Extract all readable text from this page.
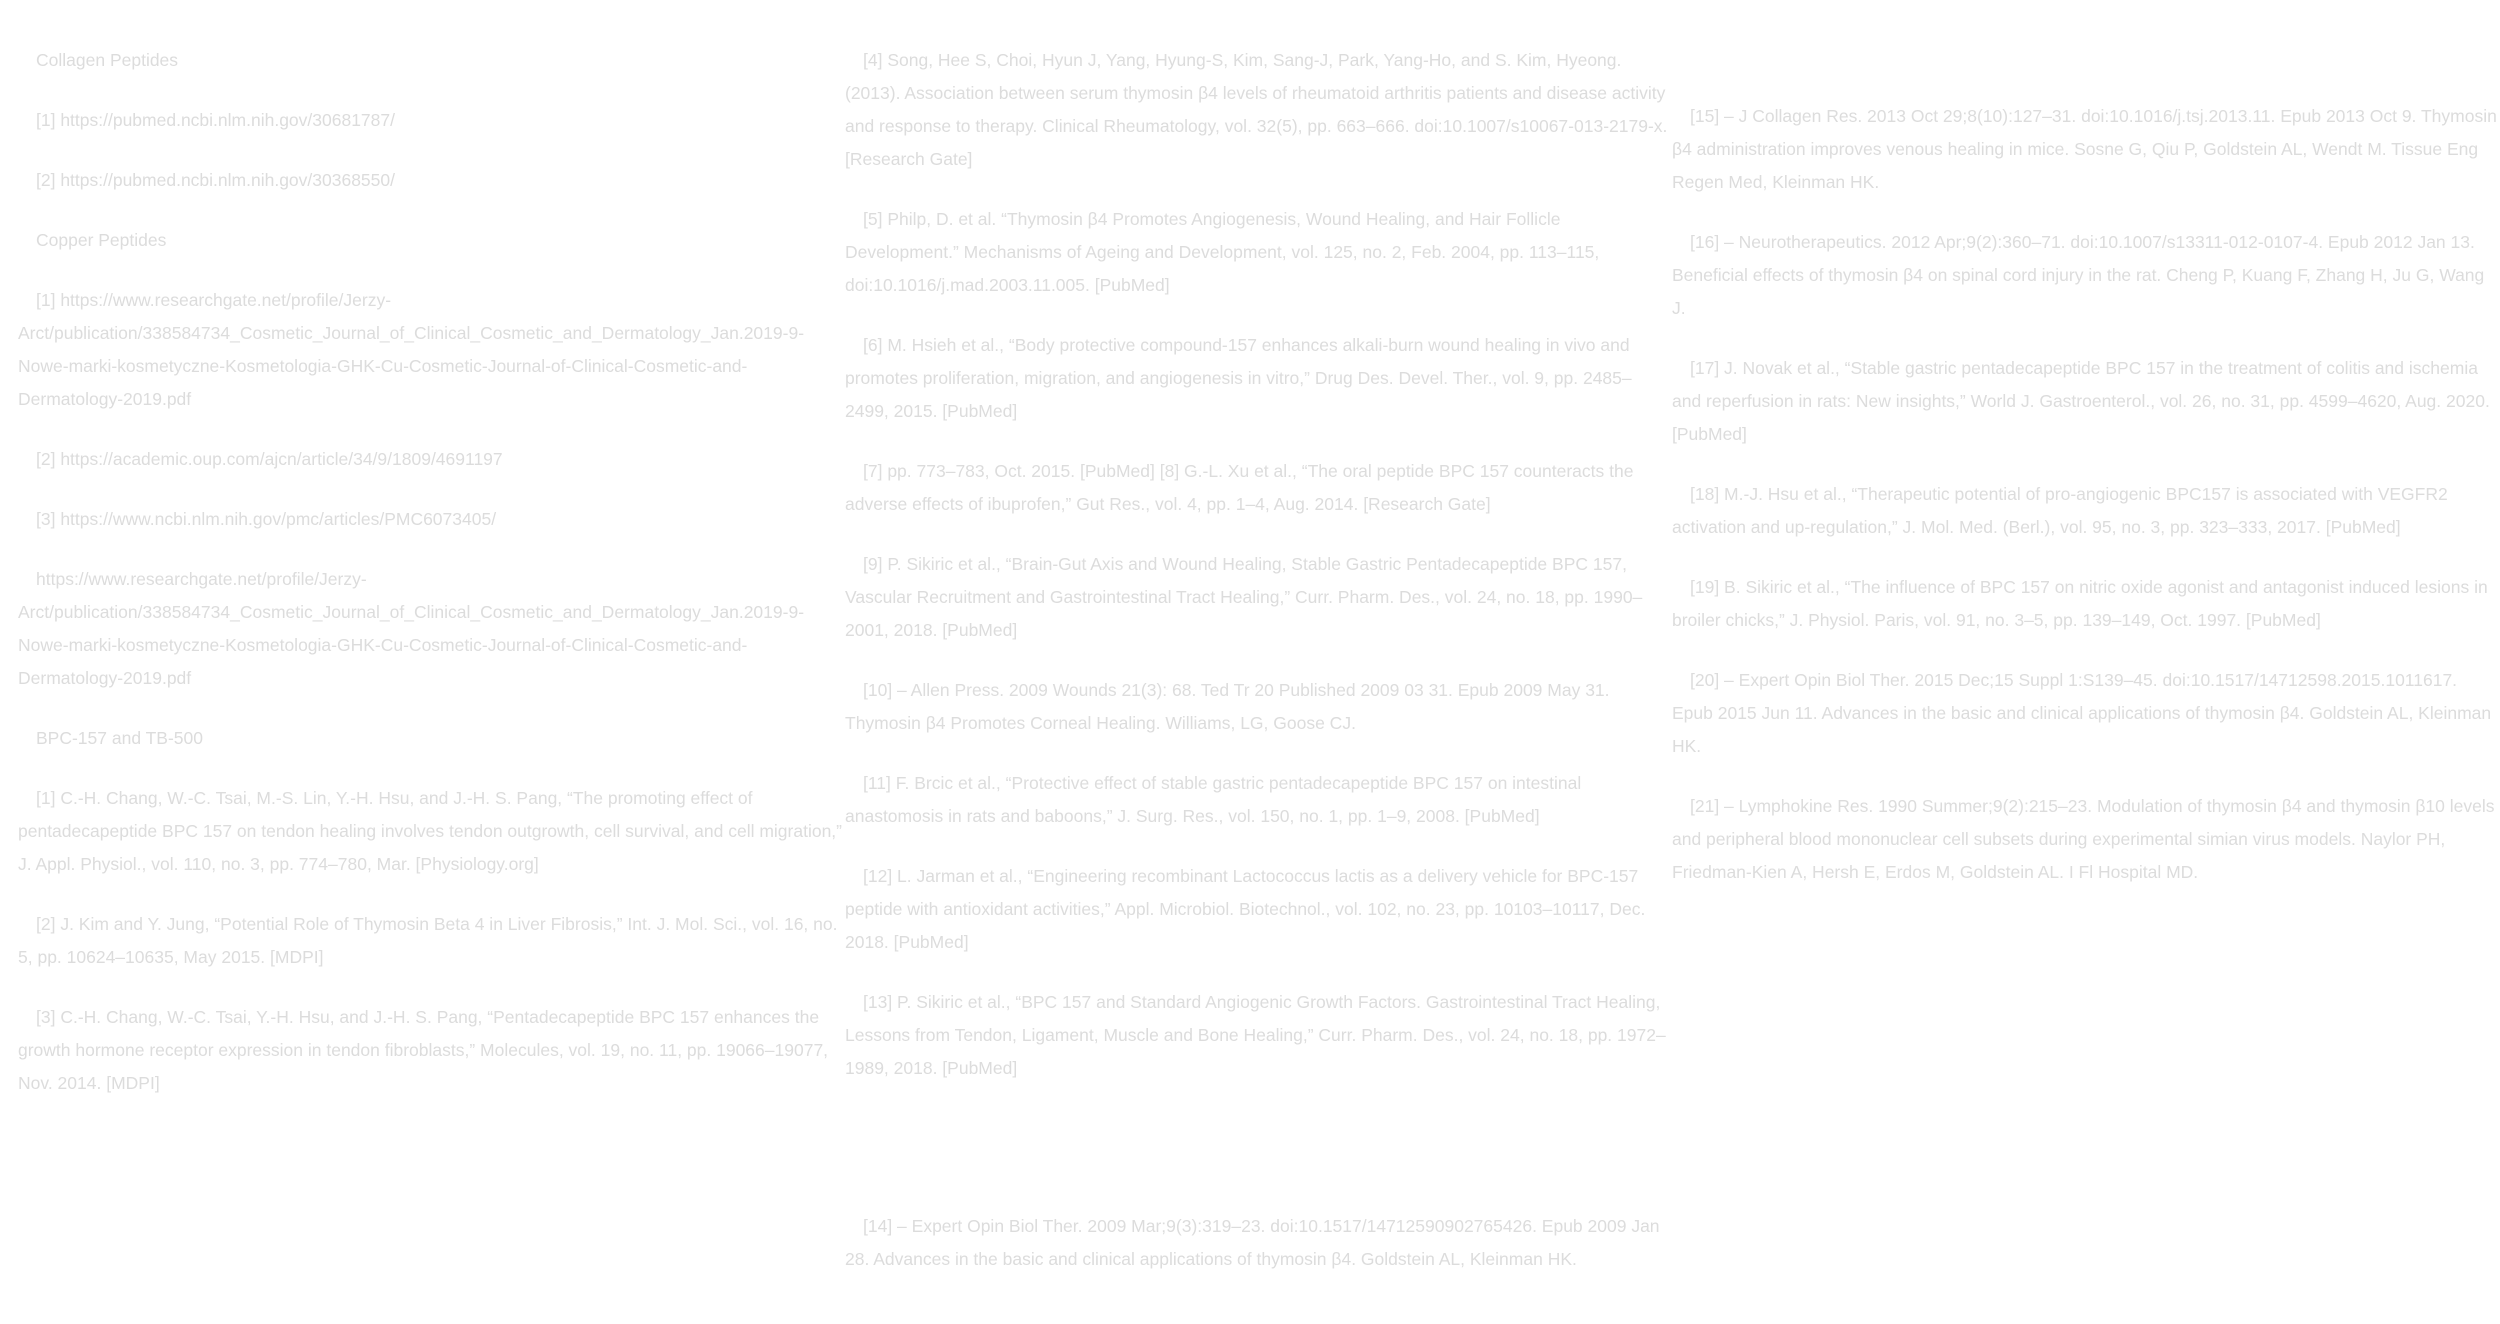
Collagen Peptides

[1] https://pubmed.ncbi.nlm.nih.gov/30681787/

[2] https://pubmed.ncbi.nlm.nih.gov/30368550/

Copper Peptides

[1] https://www.researchgate.net/profile/Jerzy-Arct/publication/338584734_Cosmetic_Journal_of_Clinical_Cosmetic_and_Dermatology_Jan.2019-9-Nowe-marki-kosmetyczne-Kosmetologia-GHK-Cu-Cosmetic-Journal-of-Clinical-Cosmetic-and-Dermatology-2019.pdf

[2] https://academic.oup.com/ajcn/article/34/9/1809/4691197

[3] https://www.ncbi.nlm.nih.gov/pmc/articles/PMC6073405/

https://www.researchgate.net/profile/Jerzy-Arct/publication/338584734_Cosmetic_Journal_of_Clinical_Cosmetic_and_Dermatology_Jan.2019-9-Nowe-marki-kosmetyczne-Kosmetologia-GHK-Cu-Cosmetic-Journal-of-Clinical-Cosmetic-and-Dermatology-2019.pdf

BPC-157 and TB-500

[1] C.-H. Chang, W.-C. Tsai, M.-S. Lin, Y.-H. Hsu, and J.-H. S. Pang, “The promoting effect of pentadecapeptide BPC 157 on tendon healing involves tendon outgrowth, cell survival, and cell migration,” J. Appl. Physiol., vol. 110, no. 3, pp. 774–780, Mar. [Physiology.org]

[2] J. Kim and Y. Jung, “Potential Role of Thymosin Beta 4 in Liver Fibrosis,” Int. J. Mol. Sci., vol. 16, no. 5, pp. 10624–10635, May 2015. [MDPI]

[3] C.-H. Chang, W.-C. Tsai, Y.-H. Hsu, and J.-H. S. Pang, “Pentadecapeptide BPC 157 enhances the growth hormone receptor expression in tendon fibroblasts,” Molecules, vol. 19, no. 11, pp. 19066–19077, Nov. 2014. [MDPI]

[4] Song, Hee S, Choi, Hyun J, Yang, Hyung-S, Kim, Sang-J, Park, Yang-Ho, and S. Kim, Hyeong. (2013). Association between serum thymosin β4 levels of rheumatoid arthritis patients and disease activity and response to therapy. Clinical Rheumatology, vol. 32(5), pp. 663–666. doi:10.1007/s10067-013-2179-x. [Research Gate]

[5] Philp, D. et al. “Thymosin β4 Promotes Angiogenesis, Wound Healing, and Hair Follicle Development.” Mechanisms of Ageing and Development, vol. 125, no. 2, Feb. 2004, pp. 113–115, doi:10.1016/j.mad.2003.11.005. [PubMed]

[6] M. Hsieh et al., “Body protective compound-157 enhances alkali-burn wound healing in vivo and promotes proliferation, migration, and angiogenesis in vitro,” Drug Des. Devel. Ther., vol. 9, pp. 2485–2499, 2015. [PubMed]

[7] pp. 773–783, Oct. 2015. [PubMed] [8] G.-L. Xu et al., “The oral peptide BPC 157 counteracts the adverse effects of ibuprofen,” Gut Res., vol. 4, pp. 1–4, Aug. 2014. [Research Gate]

[9] P. Sikiric et al., “Brain-Gut Axis and Wound Healing, Stable Gastric Pentadecapeptide BPC 157, Vascular Recruitment and Gastrointestinal Tract Healing,” Curr. Pharm. Des., vol. 24, no. 18, pp. 1990–2001, 2018. [PubMed]

[10] – Allen Press. 2009 Wounds 21(3): 68. Ted Tr 20 Published 2009 03 31. Epub 2009 May 31. Thymosin β4 Promotes Corneal Healing. Williams, LG, Goose CJ.

[11] F. Brcic et al., “Protective effect of stable gastric pentadecapeptide BPC 157 on intestinal anastomosis in rats and baboons,” J. Surg. Res., vol. 150, no. 1, pp. 1–9, 2008. [PubMed]

[12] L. Jarman et al., “Engineering recombinant Lactococcus lactis as a delivery vehicle for BPC-157 peptide with antioxidant activities,” Appl. Microbiol. Biotechnol., vol. 102, no. 23, pp. 10103–10117, Dec. 2018. [PubMed]

[13] P. Sikiric et al., “BPC 157 and Standard Angiogenic Growth Factors. Gastrointestinal Tract Healing, Lessons from Tendon, Ligament, Muscle and Bone Healing,” Curr. Pharm. Des., vol. 24, no. 18, pp. 1972–1989, 2018. [PubMed]

[14] – Expert Opin Biol Ther. 2009 Mar;9(3):319–23. doi:10.1517/14712590902765426. Epub 2009 Jan 28. Advances in the basic and clinical applications of thymosin β4. Goldstein AL, Kleinman HK.

[15] – J Collagen Res. 2013 Oct 29;8(10):127–31. doi:10.1016/j.tsj.2013.11. Epub 2013 Oct 9. Thymosin β4 administration improves venous healing in mice. Sosne G, Qiu P, Goldstein AL, Wendt M. Tissue Eng Regen Med, Kleinman HK.

[16] – Neurotherapeutics. 2012 Apr;9(2):360–71. doi:10.1007/s13311-012-0107-4. Epub 2012 Jan 13. Beneficial effects of thymosin β4 on spinal cord injury in the rat. Cheng P, Kuang F, Zhang H, Ju G, Wang J.

[17] J. Novak et al., “Stable gastric pentadecapeptide BPC 157 in the treatment of colitis and ischemia and reperfusion in rats: New insights,” World J. Gastroenterol., vol. 26, no. 31, pp. 4599–4620, Aug. 2020. [PubMed]

[18] M.-J. Hsu et al., “Therapeutic potential of pro-angiogenic BPC157 is associated with VEGFR2 activation and up-regulation,” J. Mol. Med. (Berl.), vol. 95, no. 3, pp. 323–333, 2017. [PubMed]

[19] B. Sikiric et al., “The influence of BPC 157 on nitric oxide agonist and antagonist induced lesions in broiler chicks,” J. Physiol. Paris, vol. 91, no. 3–5, pp. 139–149, Oct. 1997. [PubMed]

[20] – Expert Opin Biol Ther. 2015 Dec;15 Suppl 1:S139–45. doi:10.1517/14712598.2015.1011617. Epub 2015 Jun 11. Advances in the basic and clinical applications of thymosin β4. Goldstein AL, Kleinman HK.

[21] – Lymphokine Res. 1990 Summer;9(2):215–23. Modulation of thymosin β4 and thymosin β10 levels and peripheral blood mononuclear cell subsets during experimental simian virus models. Naylor PH, Friedman-Kien A, Hersh E, Erdos M, Goldstein AL. I Fl Hospital MD.
